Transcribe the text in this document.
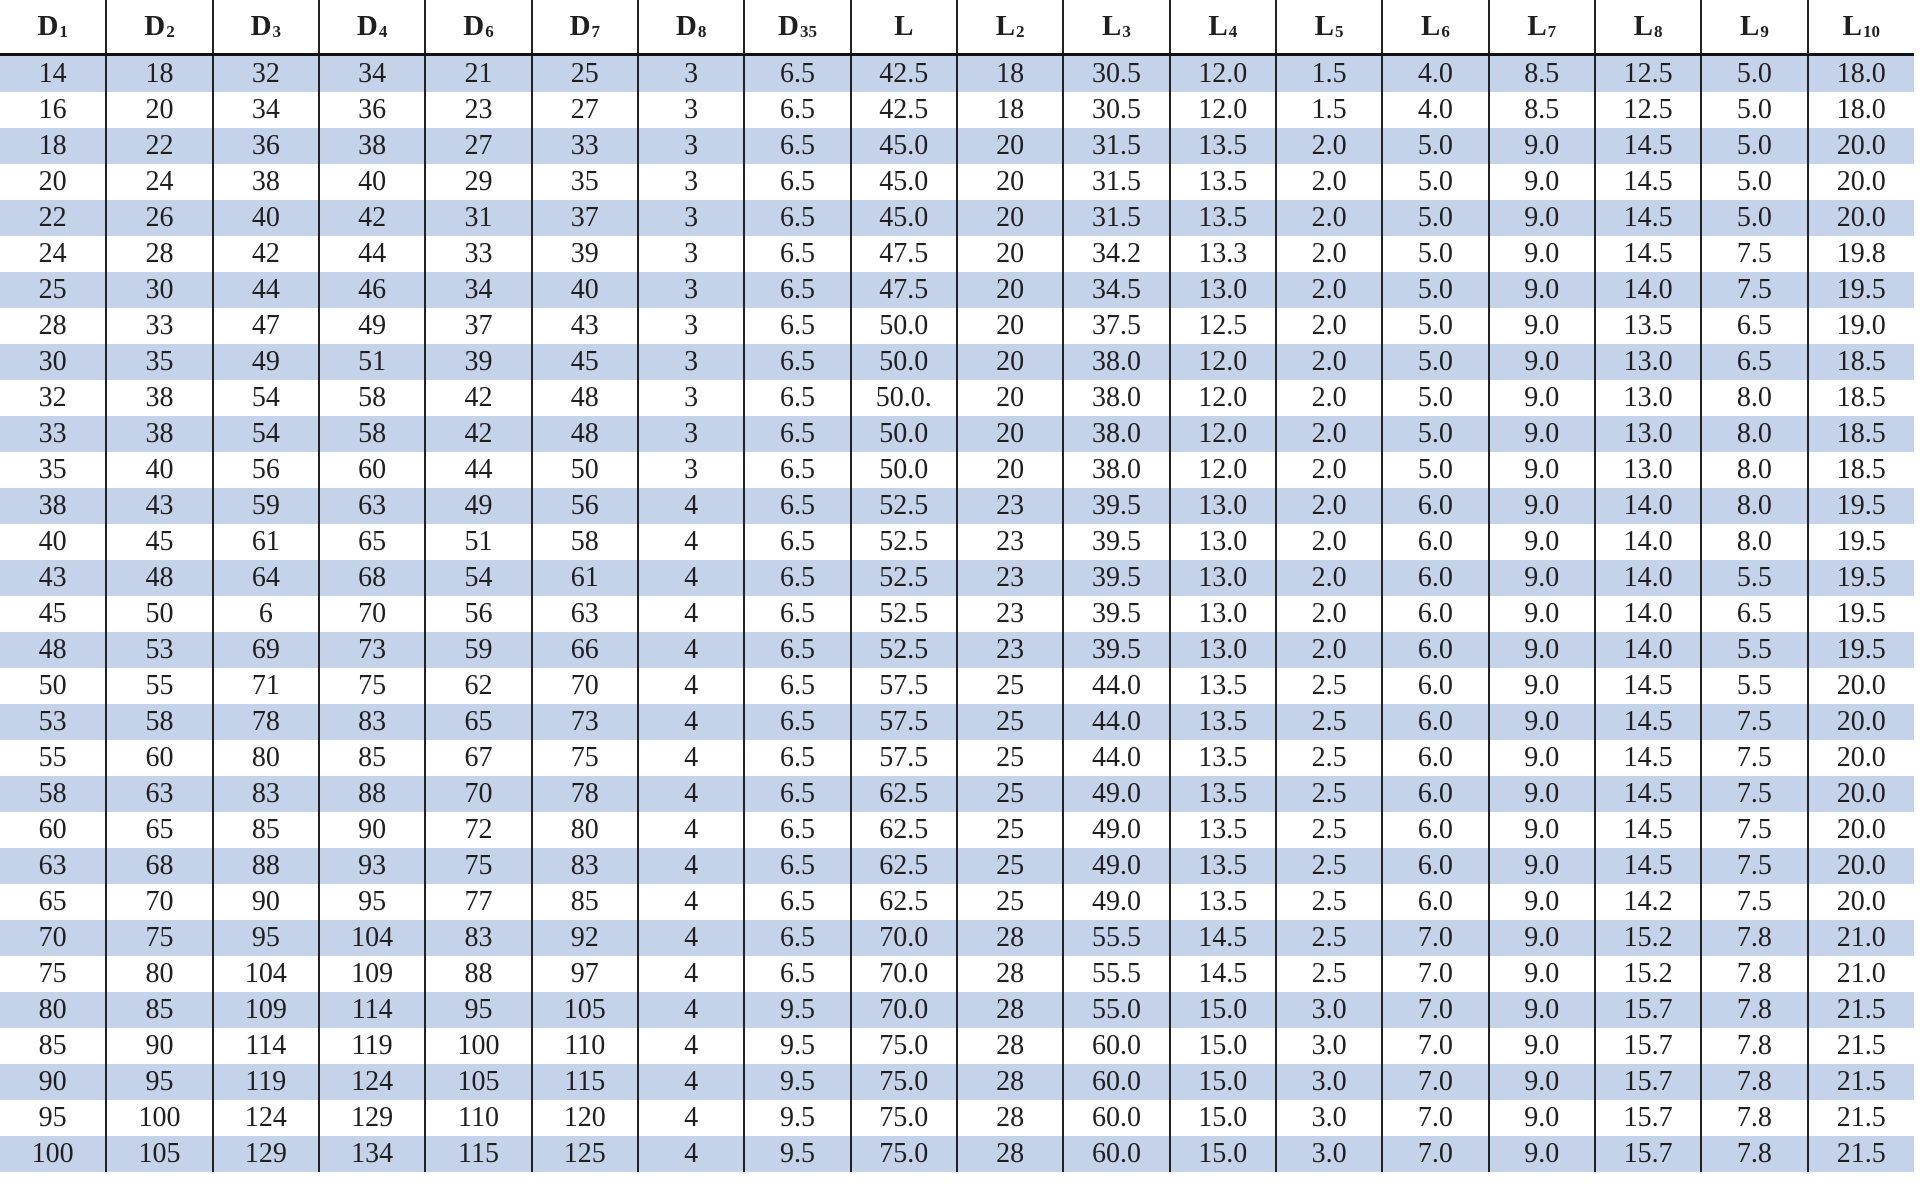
$D_1$	$D_2$	$D_3$	$D_4$	$D_6$	$D_7$	$D_8$	$D_{35}$	L	$L_2$	$L_3$	$L_4$	$L_5$	$L_6$	$L_7$	$L_8$	$L_9$	$L_{10}$
14	18	32	34	21	25	3	6.5	42.5	18	30.5	12.0	1.5	4.0	8.5	12.5	5.0	18.0
16	20	34	36	23	27	3	6.5	42.5	18	30.5	12.0	1.5	4.0	8.5	12.5	5.0	18.0
18	22	36	38	27	33	3	6.5	45.0	20	31.5	13.5	2.0	5.0	9.0	14.5	5.0	20.0
20	24	38	40	29	35	3	6.5	45.0	20	31.5	13.5	2.0	5.0	9.0	14.5	5.0	20.0
22	26	40	42	31	37	3	6.5	45.0	20	31.5	13.5	2.0	5.0	9.0	14.5	5.0	20.0
24	28	42	44	33	39	3	6.5	47.5	20	34.2	13.3	2.0	5.0	9.0	14.5	7.5	19.8
25	30	44	46	34	40	3	6.5	47.5	20	34.5	13.0	2.0	5.0	9.0	14.0	7.5	19.5
28	33	47	49	37	43	3	6.5	50.0	20	37.5	12.5	2.0	5.0	9.0	13.5	6.5	19.0
30	35	49	51	39	45	3	6.5	50.0	20	38.0	12.0	2.0	5.0	9.0	13.0	6.5	18.5
32	38	54	58	42	48	3	6.5	50.0.	20	38.0	12.0	2.0	5.0	9.0	13.0	8.0	18.5
33	38	54	58	42	48	3	6.5	50.0	20	38.0	12.0	2.0	5.0	9.0	13.0	8.0	18.5
35	40	56	60	44	50	3	6.5	50.0	20	38.0	12.0	2.0	5.0	9.0	13.0	8.0	18.5
38	43	59	63	49	56	4	6.5	52.5	23	39.5	13.0	2.0	6.0	9.0	14.0	8.0	19.5
40	45	61	65	51	58	4	6.5	52.5	23	39.5	13.0	2.0	6.0	9.0	14.0	8.0	19.5
43	48	64	68	54	61	4	6.5	52.5	23	39.5	13.0	2.0	6.0	9.0	14.0	5.5	19.5
45	50	6	70	56	63	4	6.5	52.5	23	39.5	13.0	2.0	6.0	9.0	14.0	6.5	19.5
48	53	69	73	59	66	4	6.5	52.5	23	39.5	13.0	2.0	6.0	9.0	14.0	5.5	19.5
50	55	71	75	62	70	4	6.5	57.5	25	44.0	13.5	2.5	6.0	9.0	14.5	5.5	20.0
53	58	78	83	65	73	4	6.5	57.5	25	44.0	13.5	2.5	6.0	9.0	14.5	7.5	20.0
55	60	80	85	67	75	4	6.5	57.5	25	44.0	13.5	2.5	6.0	9.0	14.5	7.5	20.0
58	63	83	88	70	78	4	6.5	62.5	25	49.0	13.5	2.5	6.0	9.0	14.5	7.5	20.0
60	65	85	90	72	80	4	6.5	62.5	25	49.0	13.5	2.5	6.0	9.0	14.5	7.5	20.0
63	68	88	93	75	83	4	6.5	62.5	25	49.0	13.5	2.5	6.0	9.0	14.5	7.5	20.0
65	70	90	95	77	85	4	6.5	62.5	25	49.0	13.5	2.5	6.0	9.0	14.2	7.5	20.0
70	75	95	104	83	92	4	6.5	70.0	28	55.5	14.5	2.5	7.0	9.0	15.2	7.8	21.0
75	80	104	109	88	97	4	6.5	70.0	28	55.5	14.5	2.5	7.0	9.0	15.2	7.8	21.0
80	85	109	114	95	105	4	9.5	70.0	28	55.0	15.0	3.0	7.0	9.0	15.7	7.8	21.5
85	90	114	119	100	110	4	9.5	75.0	28	60.0	15.0	3.0	7.0	9.0	15.7	7.8	21.5
90	95	119	124	105	115	4	9.5	75.0	28	60.0	15.0	3.0	7.0	9.0	15.7	7.8	21.5
95	100	124	129	110	120	4	9.5	75.0	28	60.0	15.0	3.0	7.0	9.0	15.7	7.8	21.5
100	105	129	134	115	125	4	9.5	75.0	28	60.0	15.0	3.0	7.0	9.0	15.7	7.8	21.5
